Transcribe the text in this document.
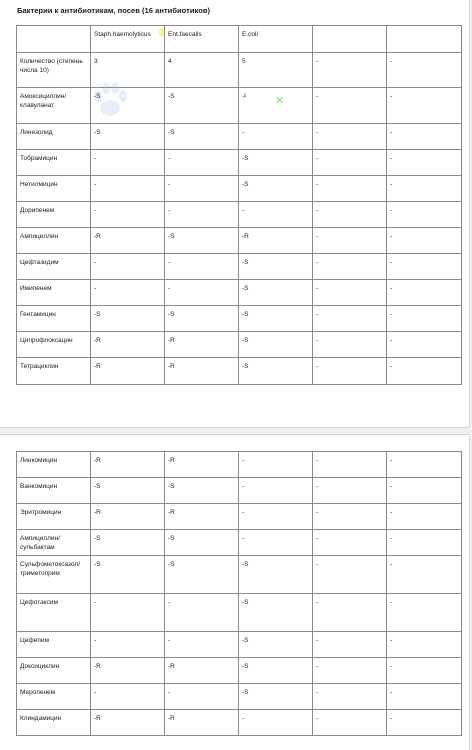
Бактерии к антибиотикам, посев (16 антибиотиков)
	Staph.haemolyticus	Ent.faecalis	E.coli		
Количество (степень числа 10)	3	4	5	-	-
Амоксициллин/клавуланат	-S	-S	-I	-	-
Линезолид	-S	-S	-	-	-
Тобрамицин	-	-	-S	-	-
Нетилмицин	-	-	-S	-	-
Дорипенем	-	-	-	-	-
Ампициллин	-R	-S	-R	-	-
Цефтазидим	-	-	-S	-	-
Имипенем	-	-	-S	-	-
Гентамицин	-S	-S	-S	-	-
Ципрофлоксацин	-R	-R	-S	-	-
Тетрациклин	-R	-R	-S	-	-
✕
Линкомицин	-R	-R	-	-	-
Ванкомицин	-S	-S	-	-	-
Эритромицин	-R	-R	-	-	-
Ампициллин/сульбактам	-S	-S	-	-	-
Сульфометоксазол/триметоприм	-S	-S	-S	-	-
Цефотаксим	-	-	-S	-	-
Цефепим	-	-	-S	-	-
Доксициклин	-R	-R	-S	-	-
Меропенем	-	-	-S	-	-
Клиндамицин	-R	-R	-	-	-
